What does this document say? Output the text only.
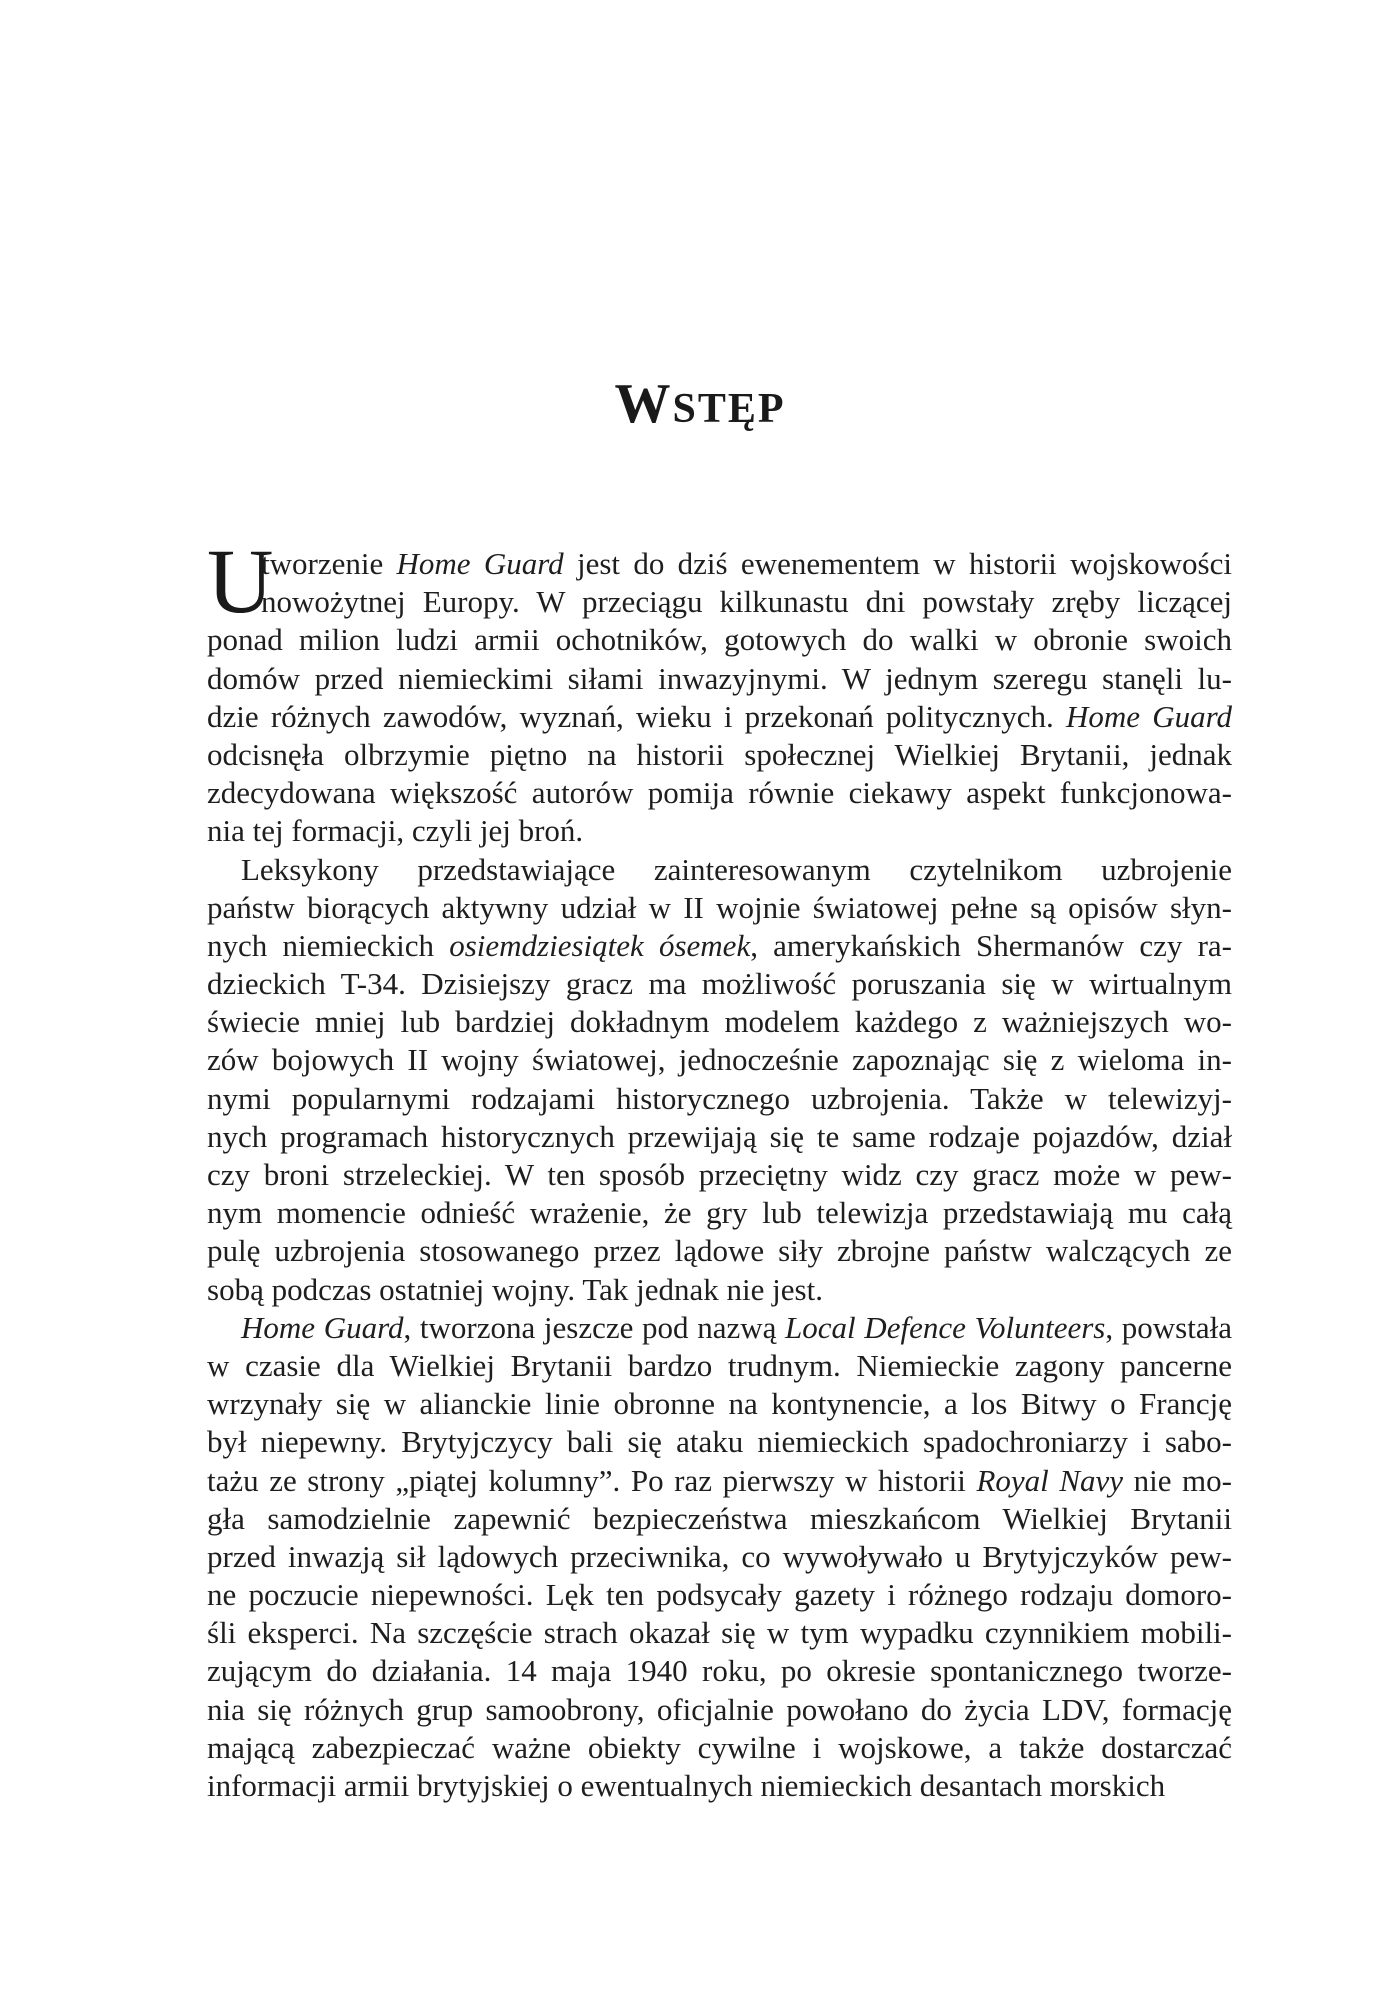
WSTĘP
U
tworzenie Home Guard jest do dziś ewenementem w historii wojskowości
nowożytnej Europy. W przeciągu kilkunastu dni powstały zręby liczącej
ponad milion ludzi armii ochotników, gotowych do walki w obronie swoich
domów przed niemieckimi siłami inwazyjnymi. W jednym szeregu stanęli lu-
dzie różnych zawodów, wyznań, wieku i przekonań politycznych. Home Guard
odcisnęła olbrzymie piętno na historii społecznej Wielkiej Brytanii, jednak
zdecydowana większość autorów pomija równie ciekawy aspekt funkcjonowa-
nia tej formacji, czyli jej broń.
Leksykony przedstawiające zainteresowanym czytelnikom uzbrojenie
państw biorących aktywny udział w II wojnie światowej pełne są opisów słyn-
nych niemieckich osiemdziesiątek ósemek, amerykańskich Shermanów czy ra-
dzieckich T-34. Dzisiejszy gracz ma możliwość poruszania się w wirtualnym
świecie mniej lub bardziej dokładnym modelem każdego z ważniejszych wo-
zów bojowych II wojny światowej, jednocześnie zapoznając się z wieloma in-
nymi popularnymi rodzajami historycznego uzbrojenia. Także w telewizyj-
nych programach historycznych przewijają się te same rodzaje pojazdów, dział
czy broni strzeleckiej. W ten sposób przeciętny widz czy gracz może w pew-
nym momencie odnieść wrażenie, że gry lub telewizja przedstawiają mu całą
pulę uzbrojenia stosowanego przez lądowe siły zbrojne państw walczących ze
sobą podczas ostatniej wojny. Tak jednak nie jest.
Home Guard, tworzona jeszcze pod nazwą Local Defence Volunteers, powstała
w czasie dla Wielkiej Brytanii bardzo trudnym. Niemieckie zagony pancerne
wrzynały się w alianckie linie obronne na kontynencie, a los Bitwy o Francję
był niepewny. Brytyjczycy bali się ataku niemieckich spadochroniarzy i sabo-
tażu ze strony „piątej kolumny”. Po raz pierwszy w historii Royal Navy nie mo-
gła samodzielnie zapewnić bezpieczeństwa mieszkańcom Wielkiej Brytanii
przed inwazją sił lądowych przeciwnika, co wywoływało u Brytyjczyków pew-
ne poczucie niepewności. Lęk ten podsycały gazety i różnego rodzaju domoro-
śli eksperci. Na szczęście strach okazał się w tym wypadku czynnikiem mobili-
zującym do działania. 14 maja 1940 roku, po okresie spontanicznego tworze-
nia się różnych grup samoobrony, oficjalnie powołano do życia LDV, formację
mającą zabezpieczać ważne obiekty cywilne i wojskowe, a także dostarczać
informacji armii brytyjskiej o ewentualnych niemieckich desantach morskich
